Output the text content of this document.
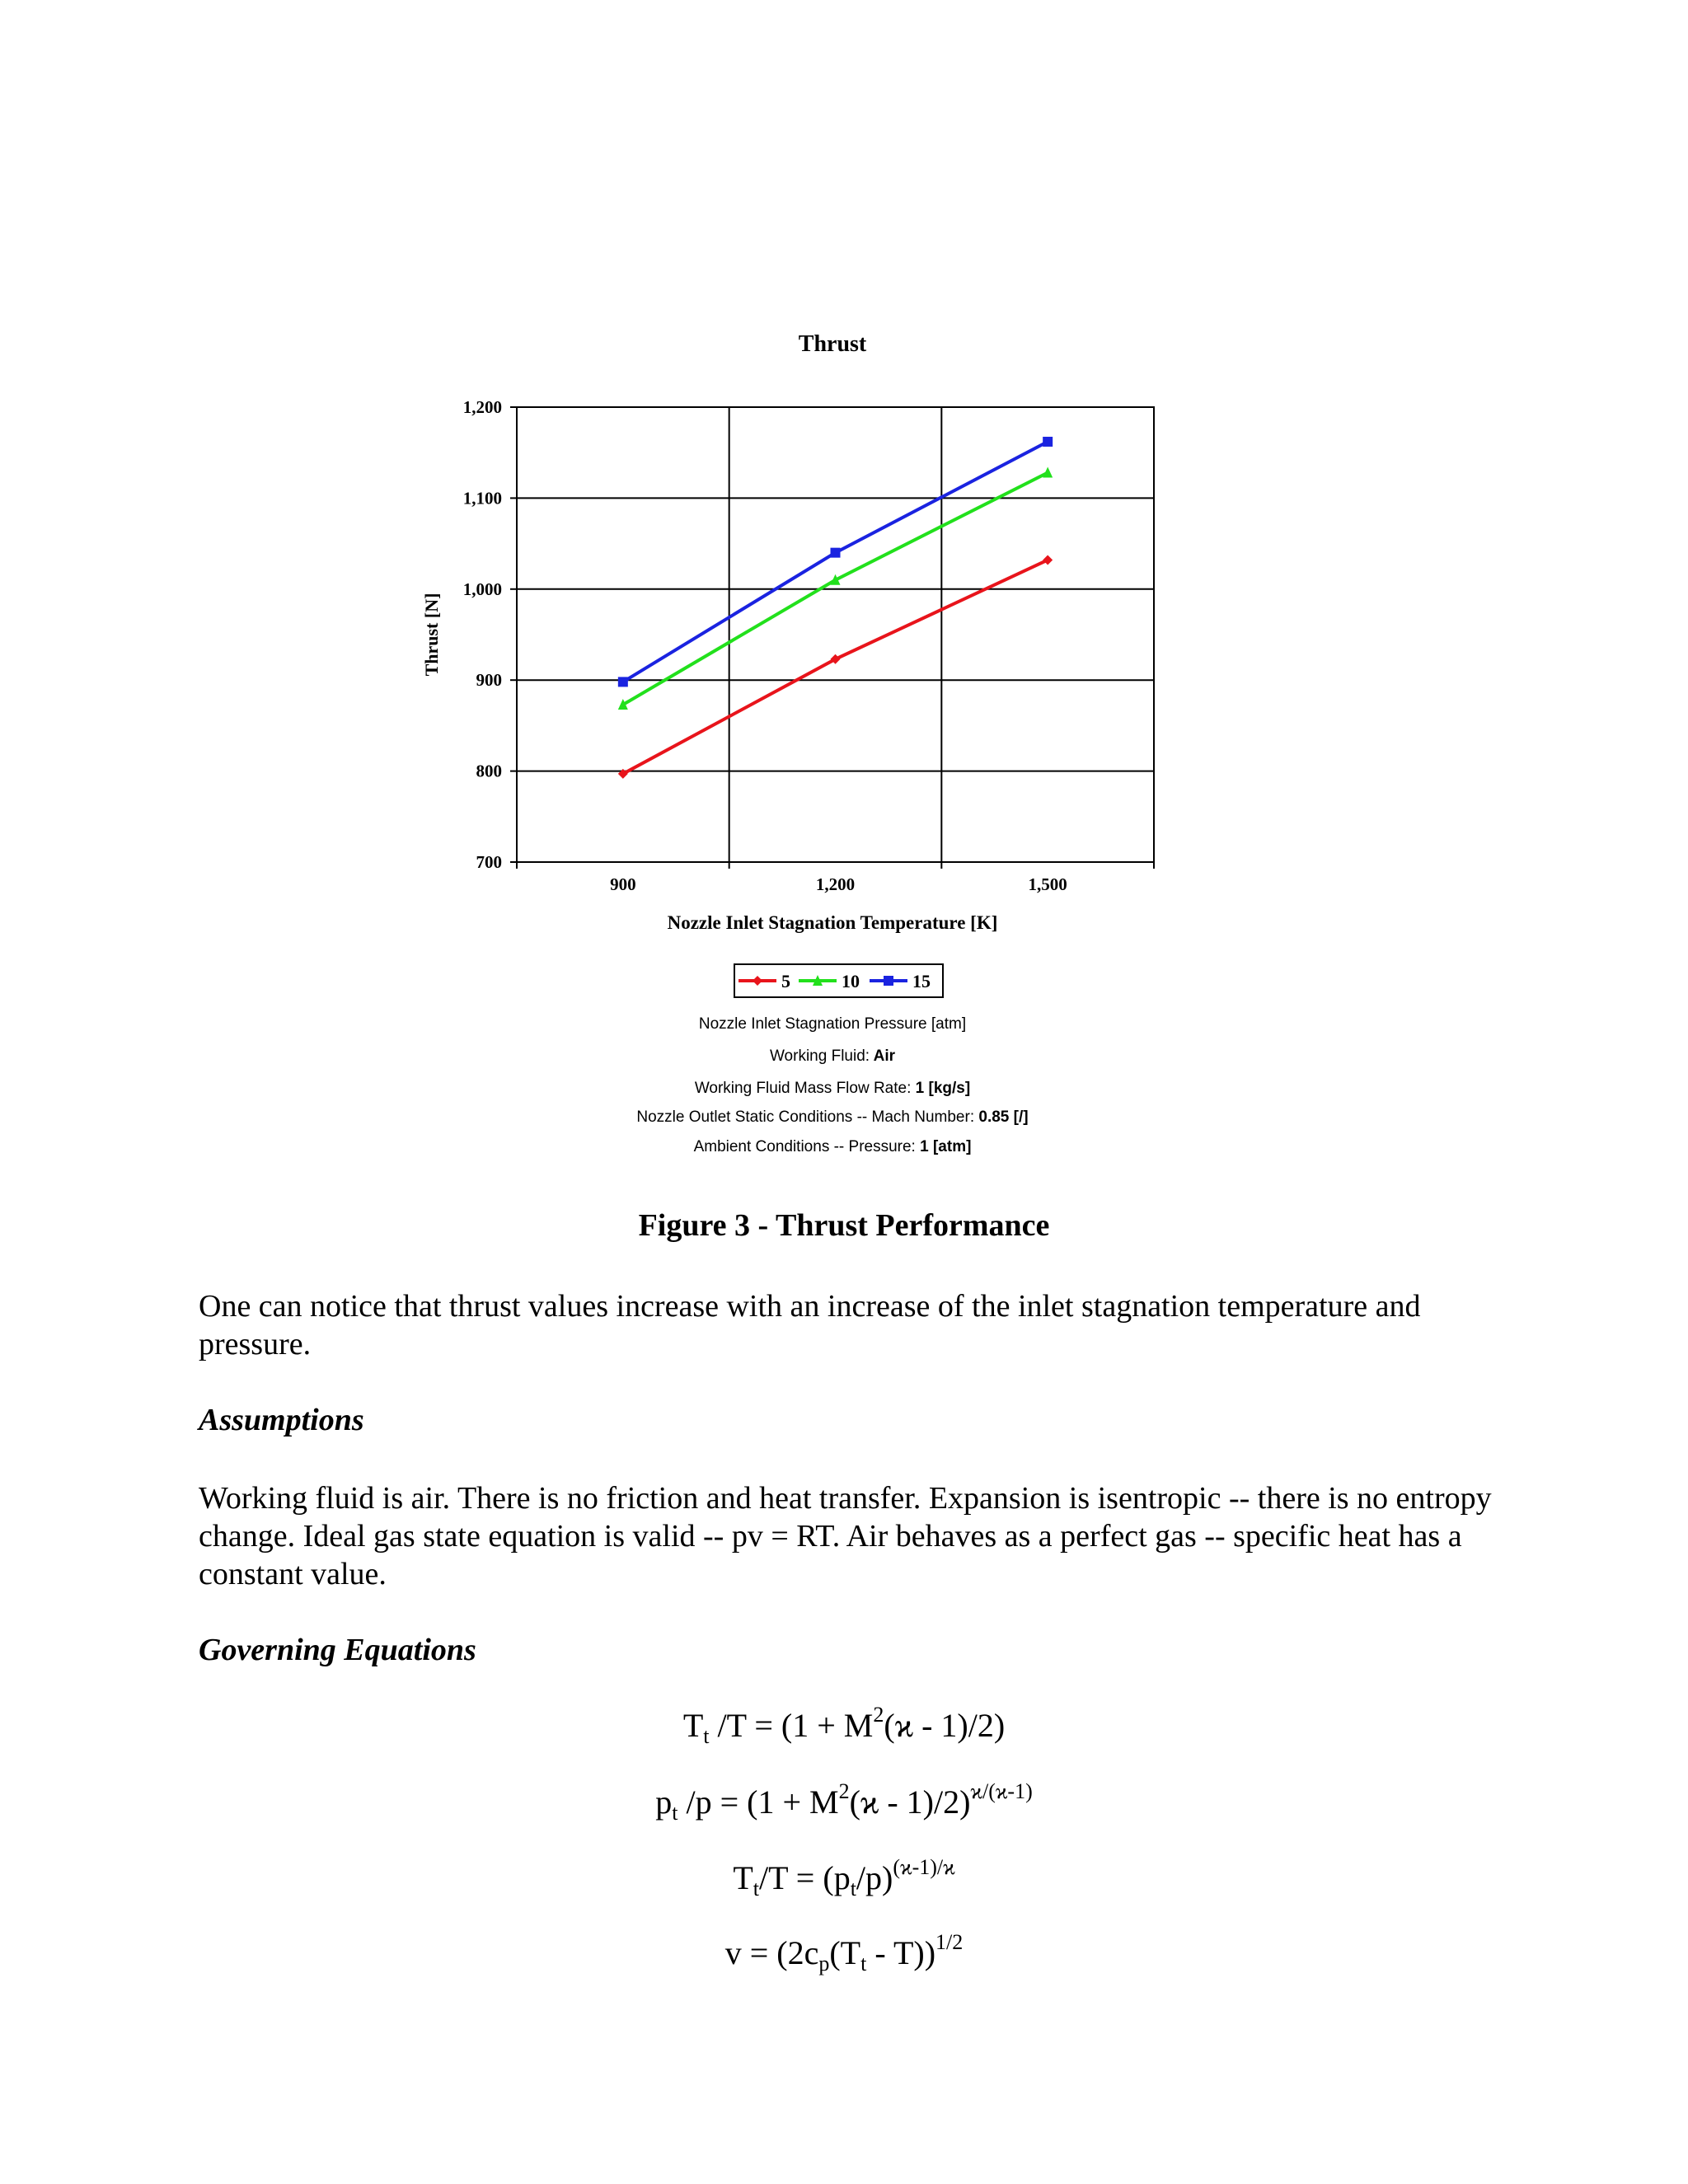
Thrust
700
800
900
1,000
1,100
1,200
900	1,200	1,500
Thrust [N]
Nozzle Inlet Stagnation Temperature [K]
5	10	15
Nozzle Inlet Stagnation Pressure [atm]
Working Fluid: Air
Working Fluid Mass Flow Rate: 1 [kg/s]
Nozzle Outlet Static Conditions -- Mach Number: 0.85 [/]
Ambient Conditions -- Pressure: 1 [atm]
Figure 3 - Thrust Performance
One can notice that thrust values increase with an increase of the inlet stagnation temperature and pressure.
Assumptions
Working fluid is air. There is no friction and heat transfer. Expansion is isentropic -- there is no entropy change. Ideal gas state equation is valid -- pv = RT. Air behaves as a perfect gas -- specific heat has a constant value.
Governing Equations
$T_t$ $/T = (1 + M^2(ϰ - 1)/2)$
$p_t$ $/p = (1 + M^2(ϰ - 1)/2)^{ϰ/(ϰ-1)}$
$T_t/T = (p_t/p)^{(ϰ-1)/ϰ}$
$v = (2c_p(T_t - T))^{1/2}$
